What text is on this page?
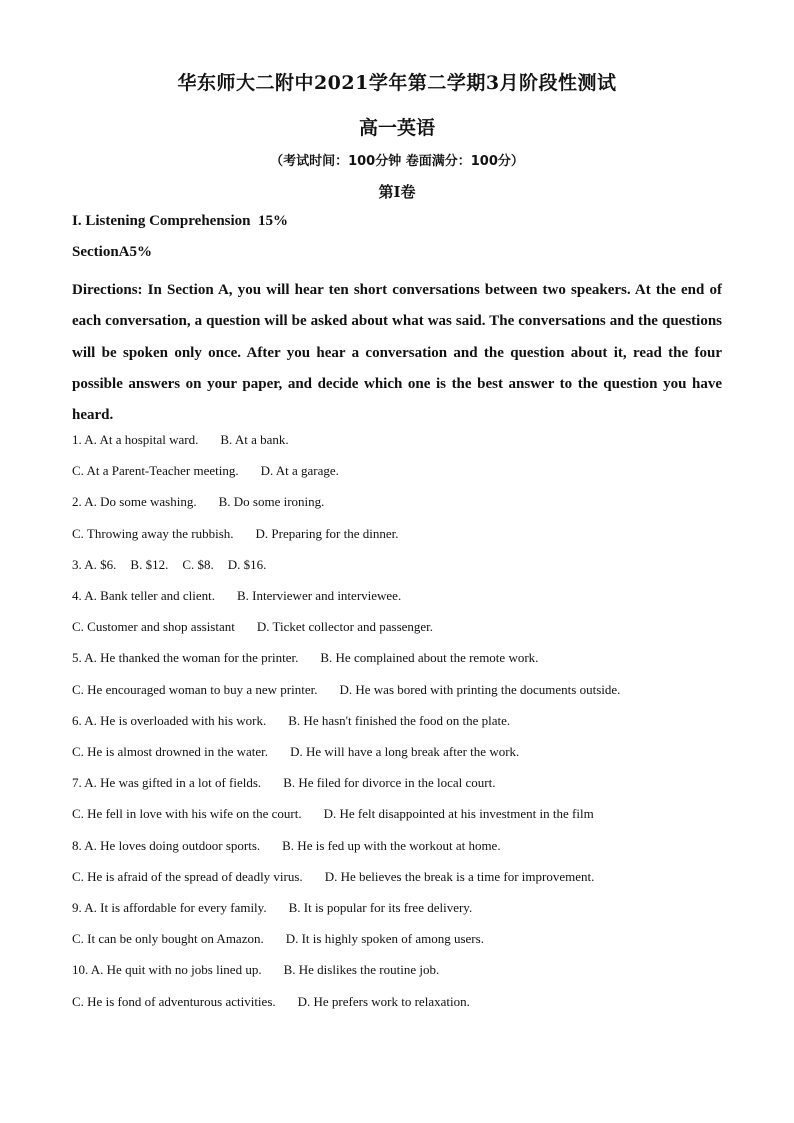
华东师大二附中2021学年第二学期3月阶段性测试
高一英语
（考试时间：100分钟 卷面满分：100分）
第I卷
I. Listening Comprehension  15%
SectionA5%

Directions: In Section A, you will hear ten short conversations between two speakers. At the end of each conversation, a question will be asked about what was said. The conversations and the questions will be spoken only once. After you hear a conversation and the question about it, read the four possible answers on your paper, and decide which one is the best answer to the question you have heard.

1. A. At a hospital ward. B. At a bank.
C. At a Parent-Teacher meeting. D. At a garage.
2. A. Do some washing. B. Do some ironing.
C. Throwing away the rubbish. D. Preparing for the dinner.
3. A. $6. B. $12. C. $8. D. $16.
4. A. Bank teller and client. B. Interviewer and interviewee.
C. Customer and shop assistant D. Ticket collector and passenger.
5. A. He thanked the woman for the printer. B. He complained about the remote work.
C. He encouraged woman to buy a new printer. D. He was bored with printing the documents outside.
6. A. He is overloaded with his work. B. He hasn't finished the food on the plate.
C. He is almost drowned in the water. D. He will have a long break after the work.
7. A. He was gifted in a lot of fields. B. He filed for divorce in the local court.
C. He fell in love with his wife on the court. D. He felt disappointed at his investment in the film
8. A. He loves doing outdoor sports. B. He is fed up with the workout at home.
C. He is afraid of the spread of deadly virus. D. He believes the break is a time for improvement.
9. A. It is affordable for every family. B. It is popular for its free delivery.
C. It can be only bought on Amazon. D. It is highly spoken of among users.
10. A. He quit with no jobs lined up. B. He dislikes the routine job.
C. He is fond of adventurous activities. D. He prefers work to relaxation.
